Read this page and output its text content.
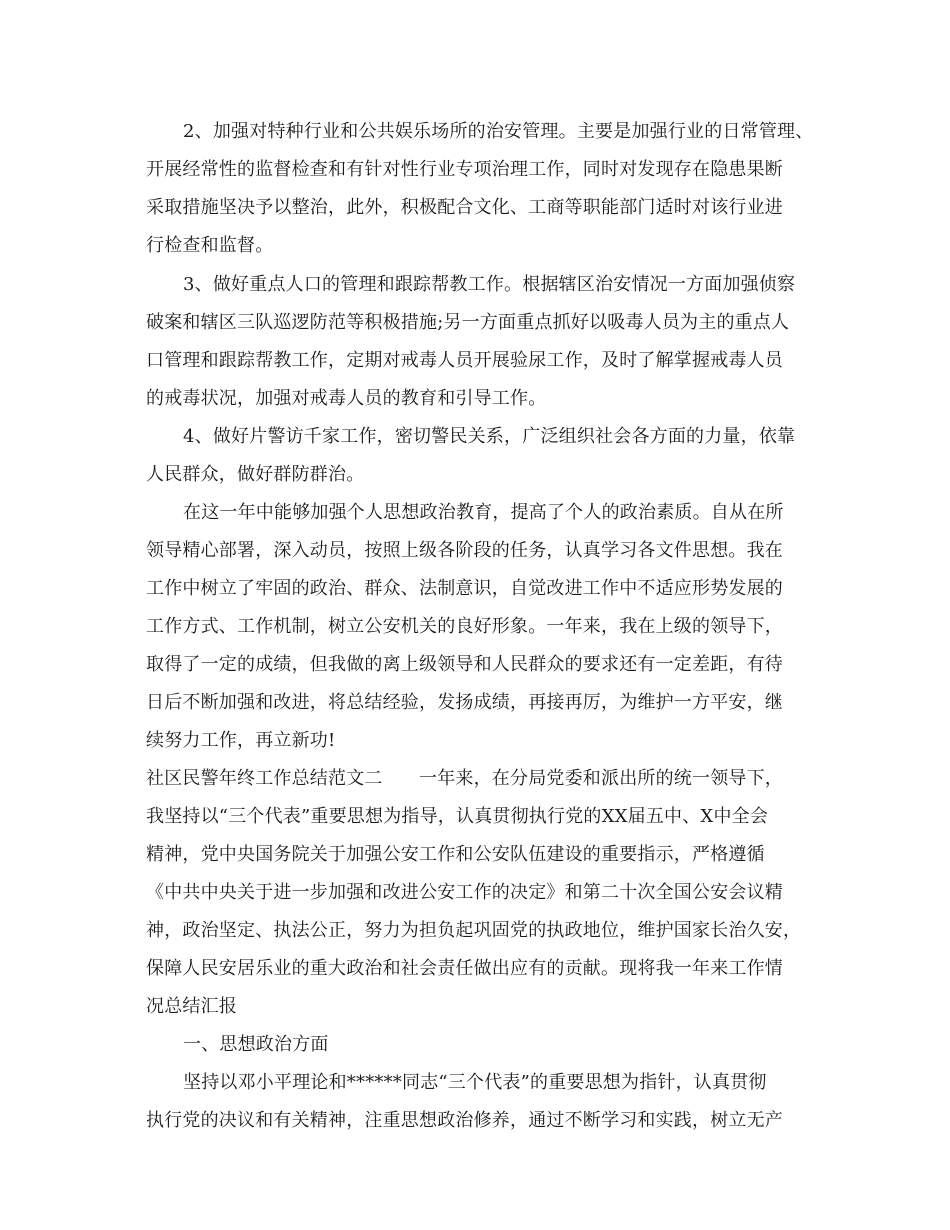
2、加强对特种行业和公共娱乐场所的治安管理。主要是加强行业的日常管理、
开展经常性的监督检查和有针对性行业专项治理工作，同时对发现存在隐患果断
采取措施坚决予以整治，此外，积极配合文化、工商等职能部门适时对该行业进
行检查和监督。
3、做好重点人口的管理和跟踪帮教工作。根据辖区治安情况一方面加强侦察
破案和辖区三队巡逻防范等积极措施;另一方面重点抓好以吸毒人员为主的重点人
口管理和跟踪帮教工作，定期对戒毒人员开展验尿工作，及时了解掌握戒毒人员
的戒毒状况，加强对戒毒人员的教育和引导工作。
4、做好片警访千家工作，密切警民关系，广泛组织社会各方面的力量，依靠
人民群众，做好群防群治。
在这一年中能够加强个人思想政治教育，提高了个人的政治素质。自从在所
领导精心部署，深入动员，按照上级各阶段的任务，认真学习各文件思想。我在
工作中树立了牢固的政治、群众、法制意识，自觉改进工作中不适应形势发展的
工作方式、工作机制，树立公安机关的良好形象。一年来，我在上级的领导下，
取得了一定的成绩，但我做的离上级领导和人民群众的要求还有一定差距，有待
日后不断加强和改进，将总结经验，发扬成绩，再接再厉，为维护一方平安，继
续努力工作，再立新功!
社区民警年终工作总结范文二　　一年来，在分局党委和派出所的统一领导下，
我坚持以“三个代表”重要思想为指导，认真贯彻执行党的XX届五中、X中全会
精神，党中央国务院关于加强公安工作和公安队伍建设的重要指示，严格遵循
《中共中央关于进一步加强和改进公安工作的决定》和第二十次全国公安会议精
神，政治坚定、执法公正，努力为担负起巩固党的执政地位，维护国家长治久安，
保障人民安居乐业的重大政治和社会责任做出应有的贡献。现将我一年来工作情
况总结汇报
一、思想政治方面
坚持以邓小平理论和******同志“三个代表”的重要思想为指针，认真贯彻
执行党的决议和有关精神，注重思想政治修养，通过不断学习和实践，树立无产
